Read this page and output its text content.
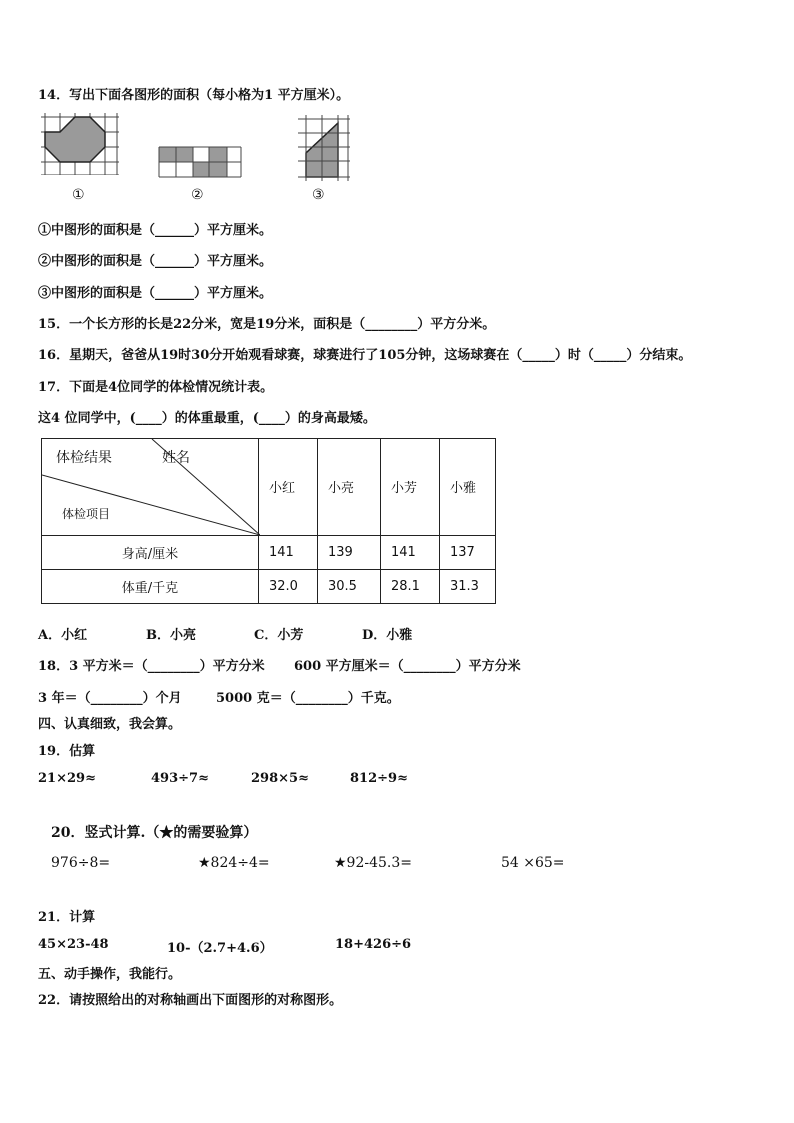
14．写出下面各图形的面积（每小格为1 平方厘米）。
①	②	③
①中图形的面积是（______）平方厘米。
②中图形的面积是（______）平方厘米。
③中图形的面积是（______）平方厘米。
15．一个长方形的长是22分米，宽是19分米，面积是（________）平方分米。
16．星期天，爸爸从19时30分开始观看球赛，球赛进行了105分钟，这场球赛在（_____）时（_____）分结束。
17．下面是4位同学的体检情况统计表。
这4 位同学中，(____）的体重最重，(____）的身高最矮。
体检结果 姓名
体检项目	小红	小亮	小芳	小雅
身高/厘米	141	139	141	137
体重/千克	32.0	30.5	28.1	31.3
A．小红	B．小亮	C．小芳	D．小雅
18．3 平方米＝（________）平方分米 600 平方厘米＝（________）平方分米
3 年＝（________）个月	5000 克＝（________）千克。
四、认真细致，我会算。
19．估算
21×29≈	493÷7≈	298×5≈	812÷9≈
20．竖式计算.（★的需要验算）
976÷8=	★824÷4=	★92-45.3=	54 ×65=
21．计算
45×23-48	10-（2.7+4.6）	18+426÷6
五、动手操作，我能行。
22．请按照给出的对称轴画出下面图形的对称图形。
